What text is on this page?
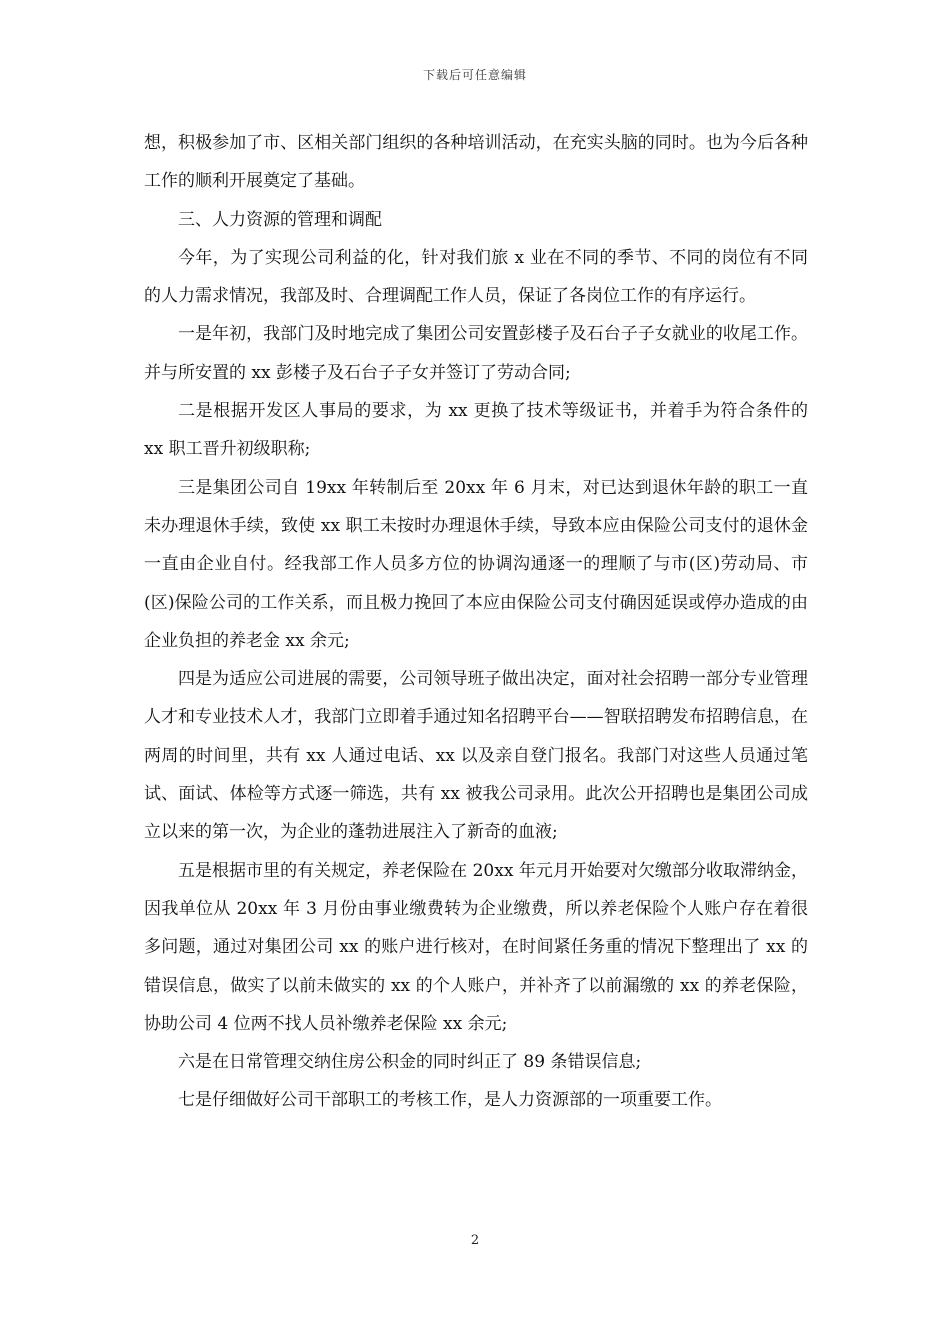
下载后可任意编辑

想，积极参加了市、区相关部门组织的各种培训活动，在充实头脑的同时。也为今后各种工作的顺利开展奠定了基础。

三、人力资源的管理和调配

今年，为了实现公司利益的化，针对我们旅 x 业在不同的季节、不同的岗位有不同的人力需求情况，我部及时、合理调配工作人员，保证了各岗位工作的有序运行。

一是年初，我部门及时地完成了集团公司安置彭楼子及石台子子女就业的收尾工作。并与所安置的 xx 彭楼子及石台子子女并签订了劳动合同;

二是根据开发区人事局的要求，为 xx 更换了技术等级证书，并着手为符合条件的 xx 职工晋升初级职称;

三是集团公司自 19xx 年转制后至 20xx 年 6 月末，对已达到退休年龄的职工一直未办理退休手续，致使 xx 职工未按时办理退休手续，导致本应由保险公司支付的退休金一直由企业自付。经我部工作人员多方位的协调沟通逐一的理顺了与市(区)劳动局、市(区)保险公司的工作关系，而且极力挽回了本应由保险公司支付确因延误或停办造成的由企业负担的养老金 xx 余元;

四是为适应公司进展的需要，公司领导班子做出决定，面对社会招聘一部分专业管理人才和专业技术人才，我部门立即着手通过知名招聘平台——智联招聘发布招聘信息，在两周的时间里，共有 xx 人通过电话、xx 以及亲自登门报名。我部门对这些人员通过笔试、面试、体检等方式逐一筛选，共有 xx 被我公司录用。此次公开招聘也是集团公司成立以来的第一次，为企业的蓬勃进展注入了新奇的血液;

五是根据市里的有关规定，养老保险在 20xx 年元月开始要对欠缴部分收取滞纳金，因我单位从 20xx 年 3 月份由事业缴费转为企业缴费，所以养老保险个人账户存在着很多问题，通过对集团公司 xx 的账户进行核对，在时间紧任务重的情况下整理出了 xx 的错误信息，做实了以前未做实的 xx 的个人账户，并补齐了以前漏缴的 xx 的养老保险，协助公司 4 位两不找人员补缴养老保险 xx 余元;

六是在日常管理交纳住房公积金的同时纠正了 89 条错误信息;

七是仔细做好公司干部职工的考核工作，是人力资源部的一项重要工作。

2
